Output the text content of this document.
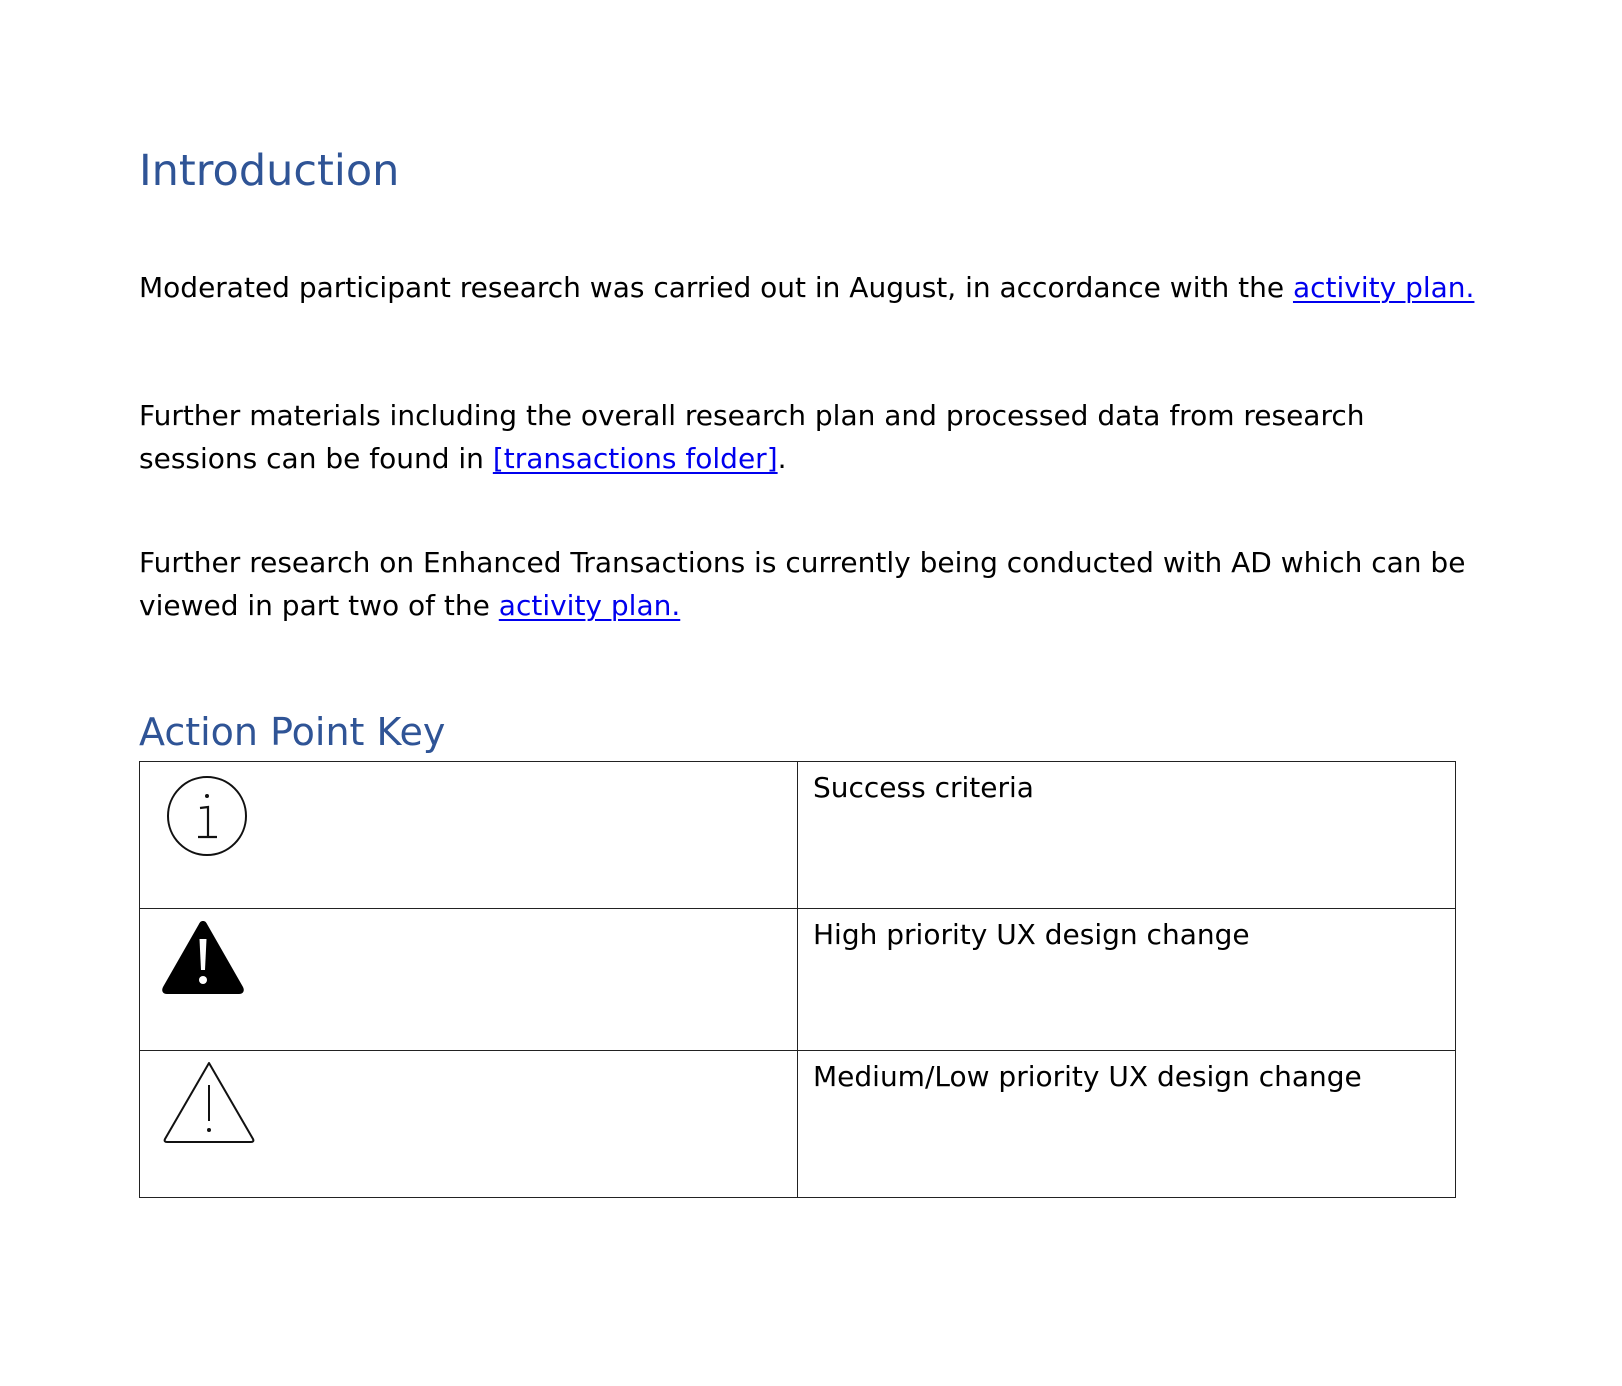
Introduction

Moderated participant research was carried out in August, in accordance with the activity plan.

Further materials including the overall research plan and processed data from research sessions can be found in [transactions folder].

Further research on Enhanced Transactions is currently being conducted with AD which can be viewed in part two of the activity plan.

Action Point Key
	Success criteria

	High priority UX design change

	Medium/Low priority UX design change
